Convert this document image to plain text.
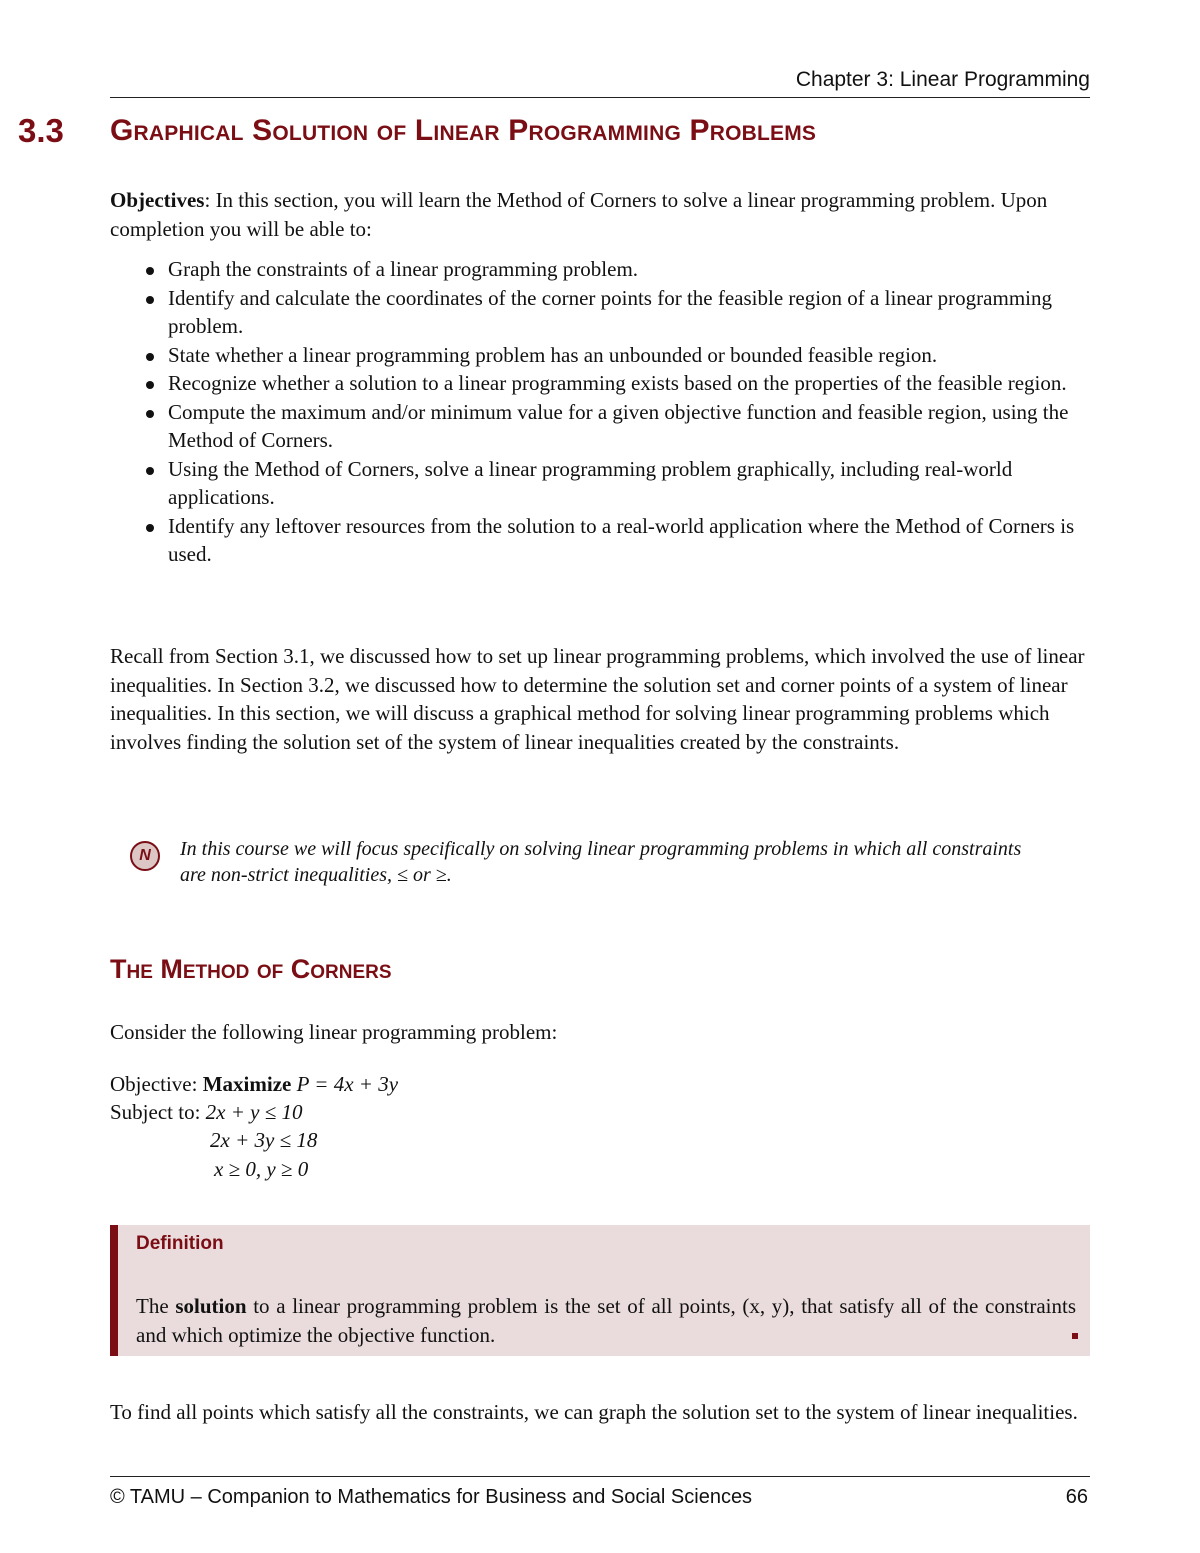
Chapter 3: Linear Programming
3.3 Graphical Solution of Linear Programming Problems
Objectives: In this section, you will learn the Method of Corners to solve a linear programming problem. Upon completion you will be able to:
Graph the constraints of a linear programming problem.
Identify and calculate the coordinates of the corner points for the feasible region of a linear programming problem.
State whether a linear programming problem has an unbounded or bounded feasible region.
Recognize whether a solution to a linear programming exists based on the properties of the feasible region.
Compute the maximum and/or minimum value for a given objective function and feasible region, using the Method of Corners.
Using the Method of Corners, solve a linear programming problem graphically, including real-world applications.
Identify any leftover resources from the solution to a real-world application where the Method of Corners is used.
Recall from Section 3.1, we discussed how to set up linear programming problems, which involved the use of linear inequalities. In Section 3.2, we discussed how to determine the solution set and corner points of a system of linear inequalities. In this section, we will discuss a graphical method for solving linear programming problems which involves finding the solution set of the system of linear inequalities created by the constraints.
N In this course we will focus specifically on solving linear programming problems in which all constraints are non-strict inequalities, ≤ or ≥.
The Method of Corners
Consider the following linear programming problem:
Objective: Maximize P = 4x + 3y
Subject to: 2x + y ≤ 10
2x + 3y ≤ 18
x ≥ 0, y ≥ 0
Definition
The solution to a linear programming problem is the set of all points, (x, y), that satisfy all of the constraints and which optimize the objective function.
To find all points which satisfy all the constraints, we can graph the solution set to the system of linear inequalities.
© TAMU – Companion to Mathematics for Business and Social Sciences	66
